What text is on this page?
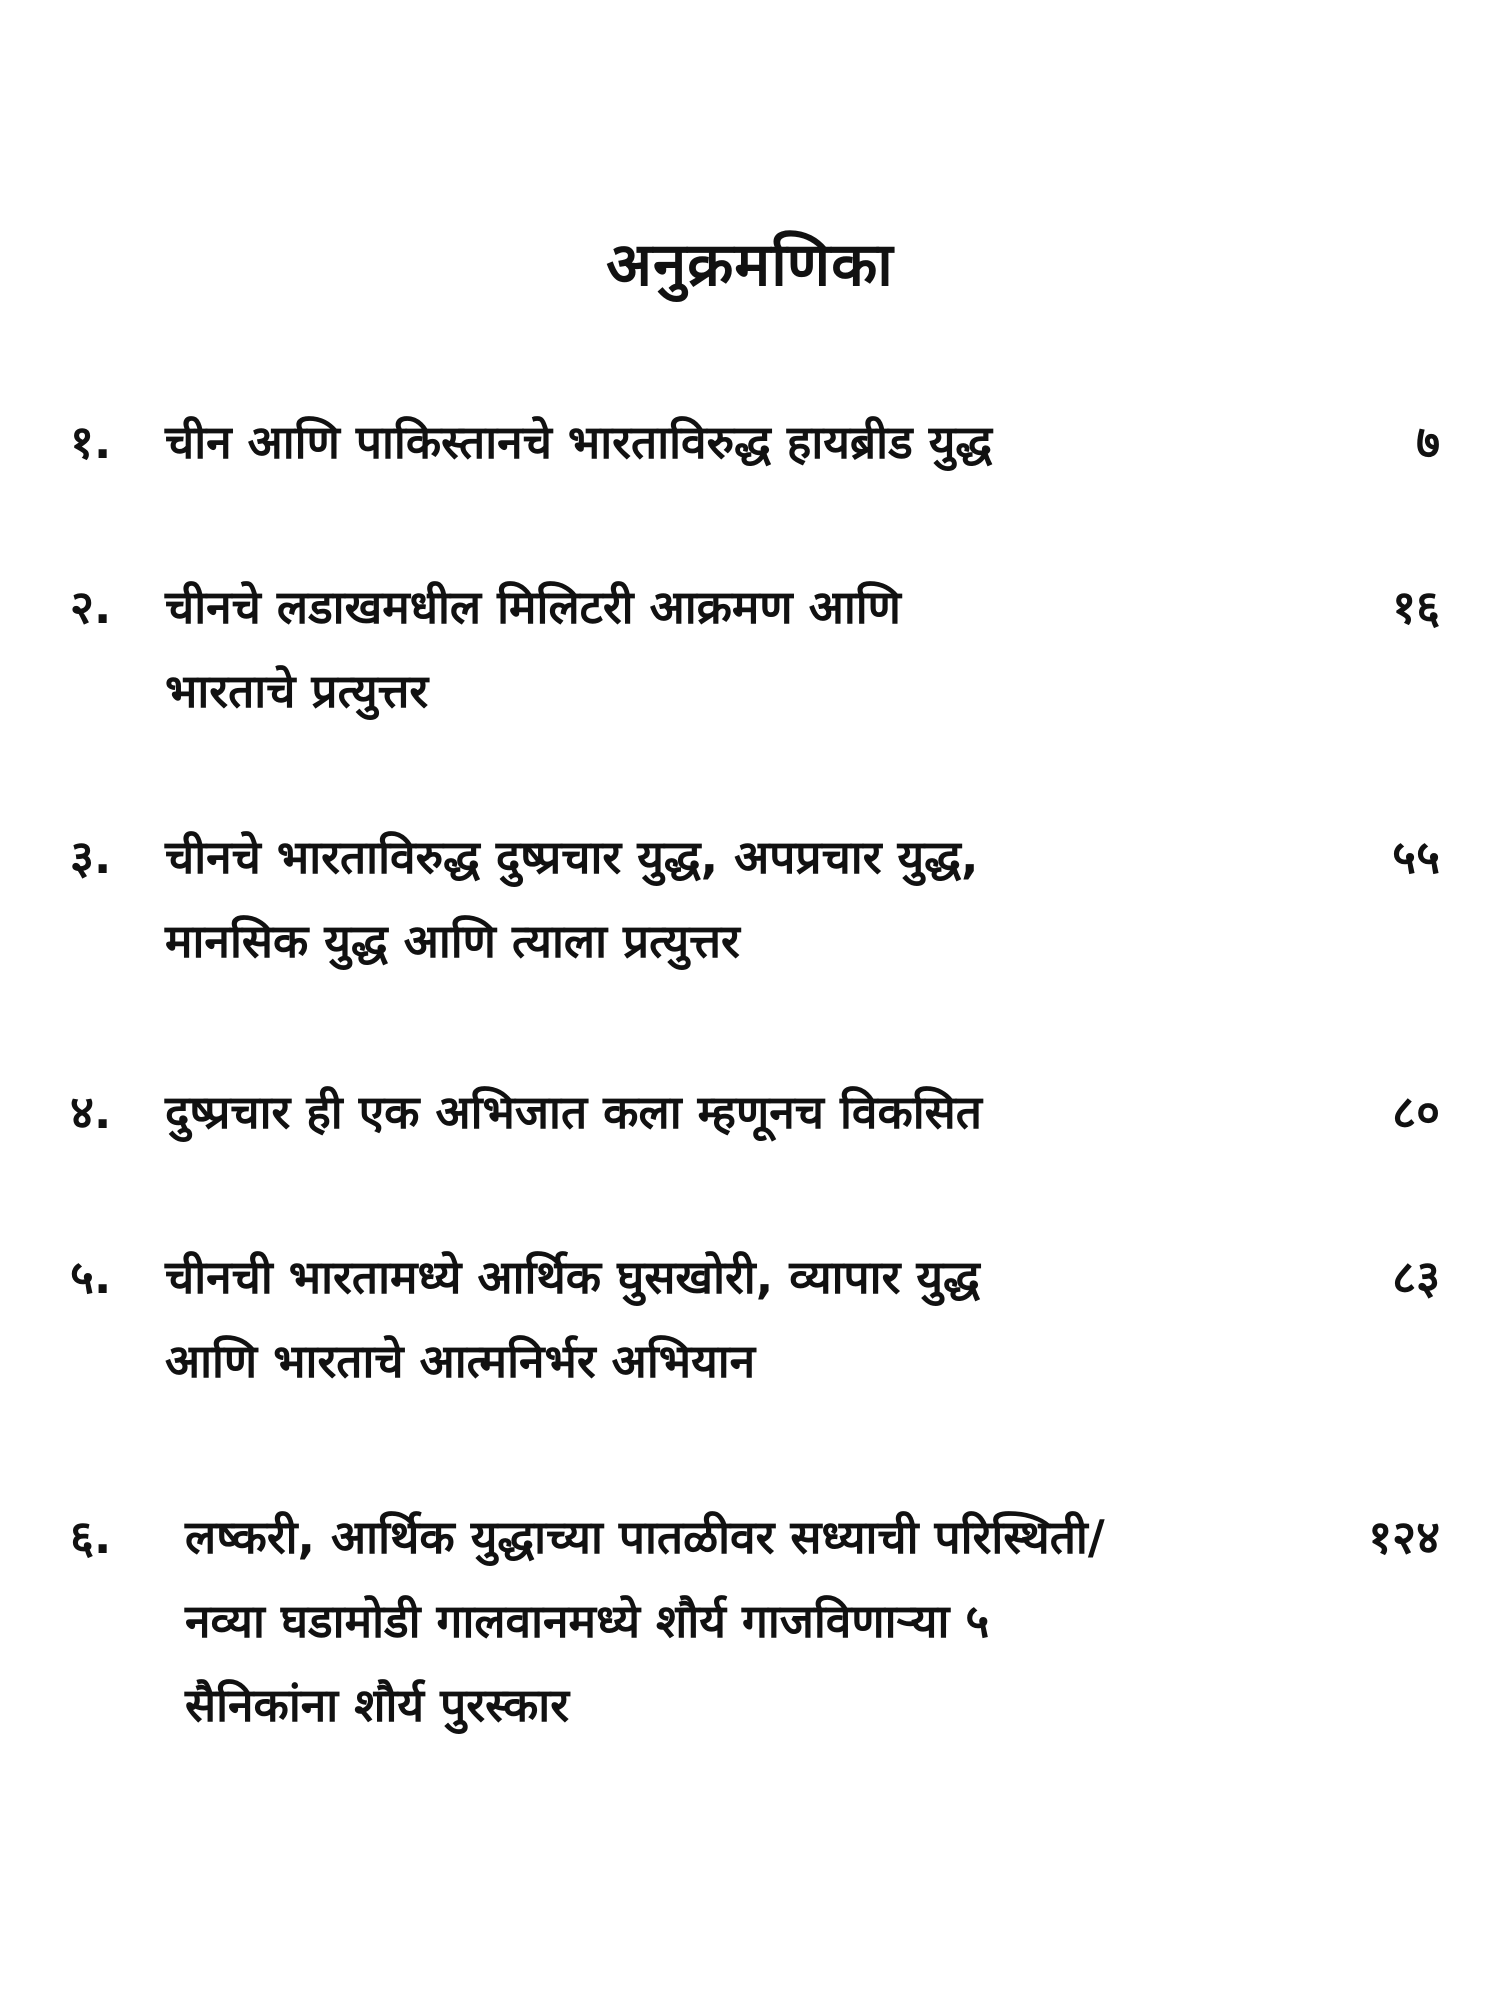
अनुक्रमणिका
१. चीन आणि पाकिस्तानचे भारताविरुद्ध हायब्रीड युद्ध	७
२. चीनचे लडाखमधील मिलिटरी आक्रमण आणि
भारताचे प्रत्युत्तर
१६
३. चीनचे भारताविरुद्ध दुष्प्रचार युद्ध, अपप्रचार युद्ध,
मानसिक युद्ध आणि त्याला प्रत्युत्तर
५५
४. दुष्प्रचार ही एक अभिजात कला म्हणूनच विकसित	८०
५. चीनची भारतामध्ये आर्थिक घुसखोरी, व्यापार युद्ध
आणि भारताचे आत्मनिर्भर अभियान
८३
६. लष्करी, आर्थिक युद्धाच्या पातळीवर सध्याची परिस्थिती/
नव्या घडामोडी गालवानमध्ये शौर्य गाजविणाऱ्या ५
सैनिकांना शौर्य पुरस्कार
१२४
